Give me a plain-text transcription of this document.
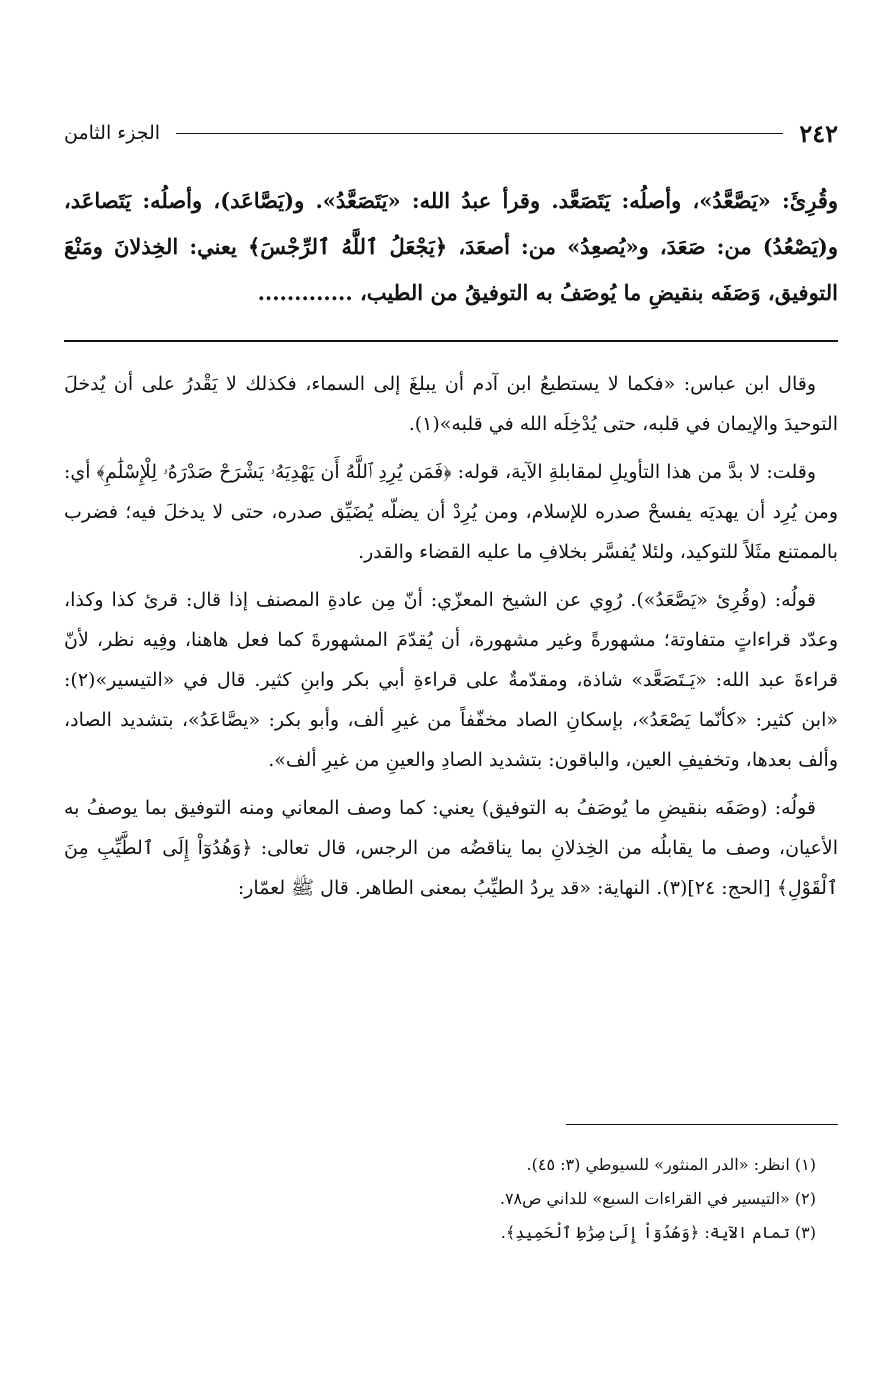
٢٤٢
الجزء الثامن

وقُرِئَ: «يَصَّعَّدُ»، وأصلُه: يَتَصَعَّد. وقرأ عبدُ الله: «يَتَصَعَّدُ». و(يَصَّاعَد)، وأصلُه: يَتَصاعَد، و(يَصْعُدُ) من: صَعَدَ، و«يُصعِدُ» من: أصعَدَ، ﴿يَجْعَلُ ٱللَّهُ ٱلرِّجْسَ﴾ يعني: الخِذلانَ ومَنْعَ التوفيق، وَصَفَه بنقيضِ ما يُوصَفُ به التوفيقُ من الطيب، .............

وقال ابن عباس: «فكما لا يستطيعُ ابن آدم أن يبلغَ إلى السماء، فكذلك لا يَقْدرُ على أن يُدخلَ التوحيدَ والإيمان في قلبه، حتى يُدْخِلَه الله في قلبه»(١).

وقلت: لا بدَّ من هذا التأويلِ لمقابلةِ الآية، قوله: ﴿فَمَن يُرِدِ ٱللَّهُ أَن يَهْدِيَهُۥ يَشْرَحْ صَدْرَهُۥ لِلْإِسْلَٰمِ﴾ أي: ومن يُرِد أن يهديَه يفسحْ صدره للإسلام، ومن يُرِدْ أن يضلّه يُضَيِّق صدره، حتى لا يدخلَ فيه؛ فضرب بالممتنع مثَلاً للتوكيد، ولئلا يُفسَّر بخلافِ ما عليه القضاء والقدر.

قولُه: (وقُرِئ «يَصَّعَدُ»). رُوِي عن الشيخ المعزّي: أنّ مِن عادةِ المصنف إذا قال: قرئ كذا وكذا، وعدّد قراءاتٍ متفاوتة؛ مشهورةً وغير مشهورة، أن يُقدّمَ المشهورةَ كما فعل هاهنا، وفِيه نظر، لأنّ قراءةَ عبد الله: «يَـتَصَعَّد» شاذة، ومقدّمةٌ على قراءةِ أبي بكر وابنِ كثير. قال في «التيسير»(٢): «ابن كثير: «كأنّما يَصْعَدُ»، بإسكانِ الصاد مخفّفاً من غيرِ ألف، وأبو بكر: «يصَّاعَدُ»، بتشديد الصاد، وألف بعدها، وتخفيفِ العين، والباقون: بتشديد الصادِ والعينِ من غيرِ ألف».

قولُه: (وصَفَه بنقيضِ ما يُوصَفُ به التوفيق) يعني: كما وصف المعاني ومنه التوفيق بما يوصفُ به الأعيان، وصف ما يقابلُه من الخِذلانِ بما يناقضُه من الرجس، قال تعالى: ﴿وَهُدُوٓاْ إِلَى ٱلطَّيِّبِ مِنَ ٱلْقَوْلِ﴾ [الحج: ٢٤](٣). النهاية: «قد يردُ الطيِّبُ بمعنى الطاهر. قال ﷺ لعمّار:

(١) انظر: «الدر المنثور» للسيوطي (٣: ٤٥).

(٢) «التيسير في القراءات السبع» للداني ص٧٨.

(٣) تمام الآية: ﴿وَهُدُوٓاْ إِلَىٰ صِرَٰطِ ٱلْحَمِيدِ﴾.
